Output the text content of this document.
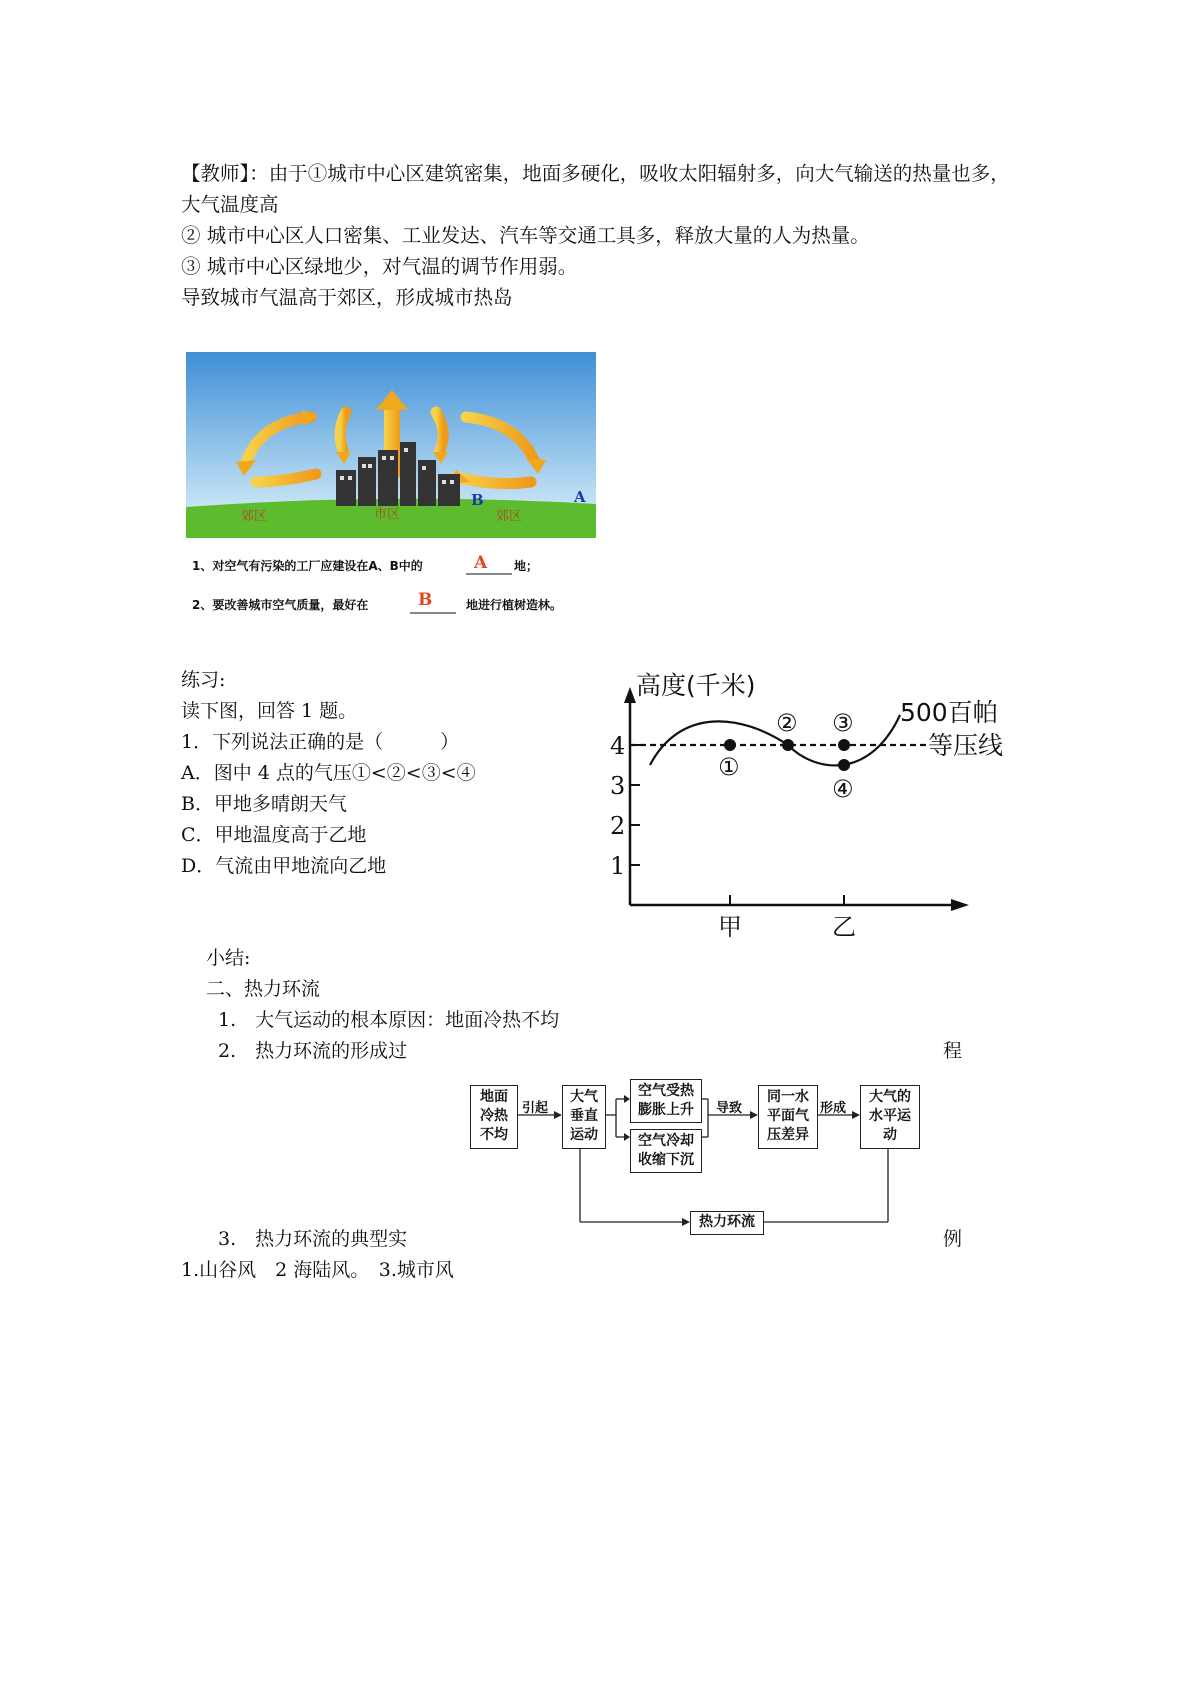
【教师】：由于①城市中心区建筑密集，地面多硬化，吸收太阳辐射多，向大气输送的热量也多，大气温度高
② 城市中心区人口密集、工业发达、汽车等交通工具多，释放大量的人为热量。
③ 城市中心区绿地少，对气温的调节作用弱。
导致城市气温高于郊区，形成城市热岛
郊区	市区	郊区
B	A
1、对空气有污染的工厂应建设在A、B中的	A 地；
2、要改善城市空气质量，最好在	B	地进行植树造林。
练习:
读下图，回答 1 题。
1．下列说法正确的是（　　　）
A．图中 4 点的气压①<②<③<④
B．甲地多晴朗天气
C．甲地温度高于乙地
D．气流由甲地流向乙地
高度(千米)
500百帕
等压线
1
2
3
4
甲	乙
①
② ③
④
小结:
二、热力环流
1.　大气运动的根本原因：地面冷热不均
2.　热力环流的形成过	程
地面
冷热
不均
引起
大气
垂直
运动
空气受热
膨胀上升
空气冷却
收缩下沉
导致
同一水
平面气
压差异
形成
大气的
水平运
动
热力环流
3.　热力环流的典型实	例
1.山谷风　2 海陆风。　3.城市风
